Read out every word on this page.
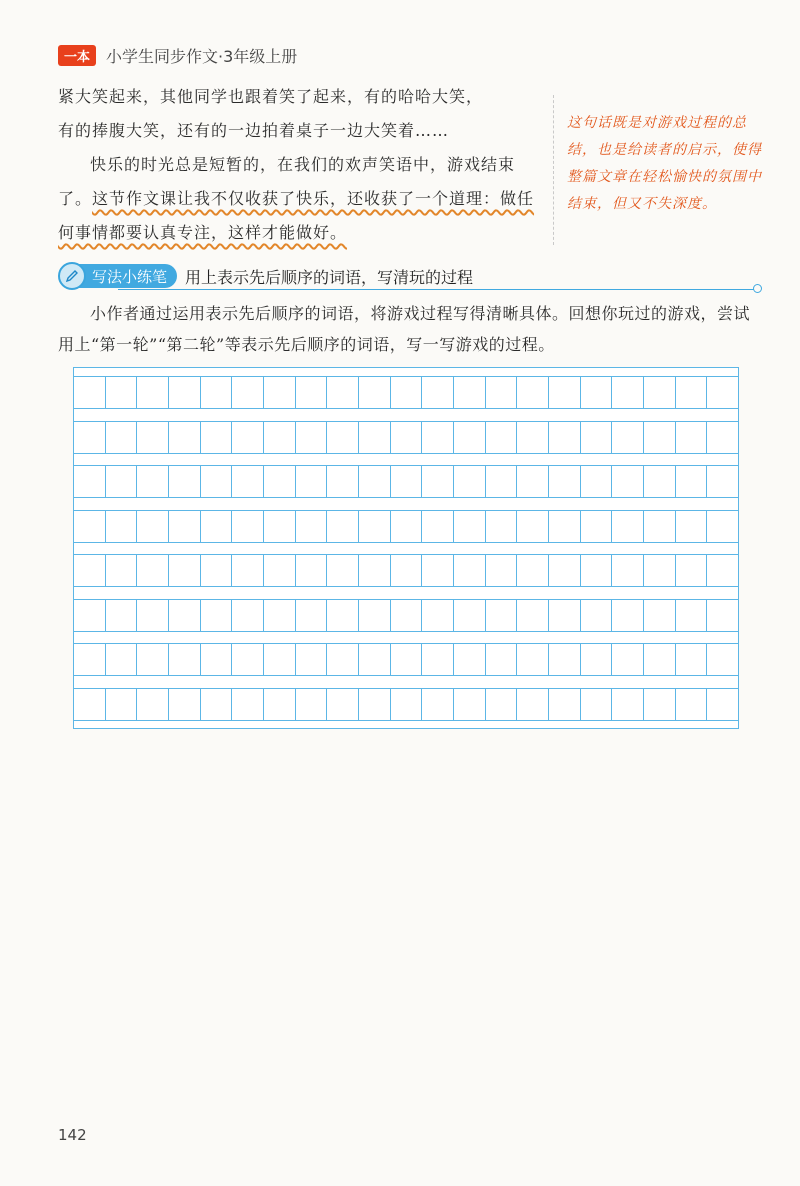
一本	小学生同步作文·3年级上册

紧大笑起来，其他同学也跟着笑了起来，有的哈哈大笑，

有的捧腹大笑，还有的一边拍着桌子一边大笑着……

快乐的时光总是短暂的，在我们的欢声笑语中，游戏结束了。这节作文课让我不仅收获了快乐，还收获了一个道理：做任何事情都要认真专注，这样才能做好。

这句话既是对游戏过程的总结，也是给读者的启示，使得整篇文章在轻松愉快的氛围中结束，但又不失深度。
写法小练笔	用上表示先后顺序的词语，写清玩的过程

小作者通过运用表示先后顺序的词语，将游戏过程写得清晰具体。回想你玩过的游戏，尝试用上“第一轮”“第二轮”等表示先后顺序的词语，写一写游戏的过程。

142
